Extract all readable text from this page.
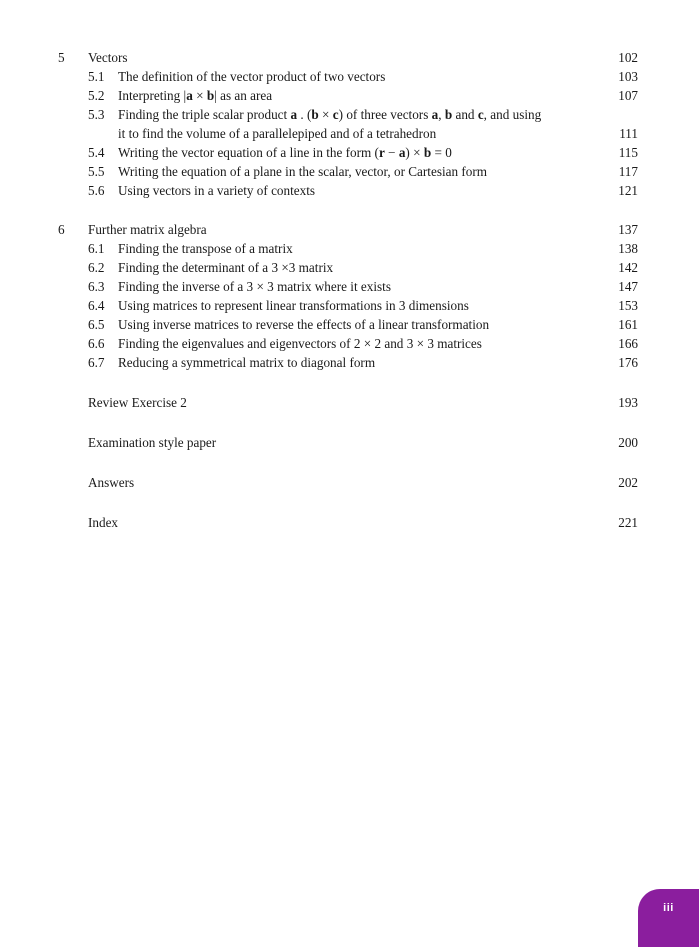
5	Vectors	102
5.1	The definition of the vector product of two vectors	103
5.2	Interpreting |a × b| as an area	107
5.3	Finding the triple scalar product a . (b × c) of three vectors a, b and c, and using
it to find the volume of a parallelepiped and of a tetrahedron	111
5.4	Writing the vector equation of a line in the form (r − a) × b = 0	115
5.5	Writing the equation of a plane in the scalar, vector, or Cartesian form	117
5.6	Using vectors in a variety of contexts	121
6	Further matrix algebra	137
6.1	Finding the transpose of a matrix	138
6.2	Finding the determinant of a 3 ×3 matrix	142
6.3	Finding the inverse of a 3 × 3 matrix where it exists	147
6.4	Using matrices to represent linear transformations in 3 dimensions	153
6.5	Using inverse matrices to reverse the effects of a linear transformation	161
6.6	Finding the eigenvalues and eigenvectors of 2 × 2 and 3 × 3 matrices	166
6.7	Reducing a symmetrical matrix to diagonal form	176
Review Exercise 2	193
Examination style paper	200
Answers	202
Index	221
iii
